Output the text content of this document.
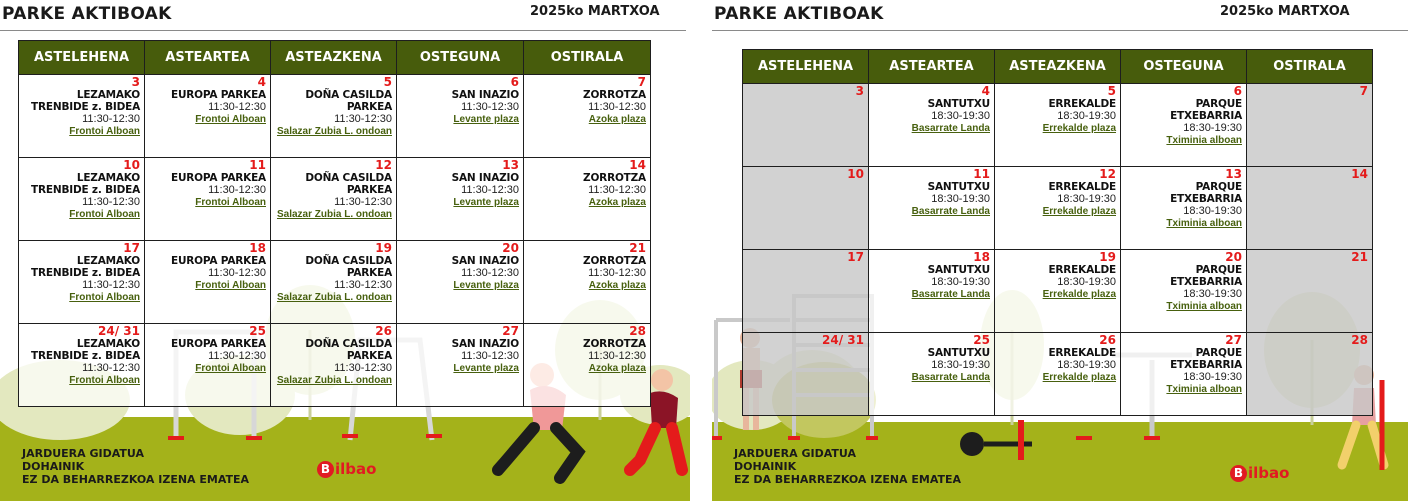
PARKE AKTIBOAK	2025ko MARTXOA
ASTELEHENA	ASTEARTEA	ASTEAZKENA	OSTEGUNA	OSTIRALA

3
LEZAMAKO TRENBIDE z. BIDEA
11:30-12:30
Frontoi Alboan	4
EUROPA PARKEA
11:30-12:30
Frontoi Alboan	5
DOÑA CASILDA PARKEA
11:30-12:30
Salazar Zubia L. ondoan	6
SAN INAZIO
11:30-12:30
Levante plaza	7
ZORROTZA
11:30-12:30
Azoka plaza

10
LEZAMAKO TRENBIDE z. BIDEA
11:30-12:30
Frontoi Alboan	11
EUROPA PARKEA
11:30-12:30
Frontoi Alboan	12
DOÑA CASILDA PARKEA
11:30-12:30
Salazar Zubia L. ondoan	13
SAN INAZIO
11:30-12:30
Levante plaza	14
ZORROTZA
11:30-12:30
Azoka plaza

17
LEZAMAKO TRENBIDE z. BIDEA
11:30-12:30
Frontoi Alboan	18
EUROPA PARKEA
11:30-12:30
Frontoi Alboan	19
DOÑA CASILDA PARKEA
11:30-12:30
Salazar Zubia L. ondoan	20
SAN INAZIO
11:30-12:30
Levante plaza	21
ZORROTZA
11:30-12:30
Azoka plaza

24/ 31
LEZAMAKO TRENBIDE z. BIDEA
11:30-12:30
Frontoi Alboan	25
EUROPA PARKEA
11:30-12:30
Frontoi Alboan	26
DOÑA CASILDA PARKEA
11:30-12:30
Salazar Zubia L. ondoan	27
SAN INAZIO
11:30-12:30
Levante plaza	28
ZORROTZA
11:30-12:30
Azoka plaza
JARDUERA GIDATUA
DOHAINIK
EZ DA BEHARREZKOA IZENA EMATEA
B ilbao
PARKE AKTIBOAK	2025ko MARTXOA
ASTELEHENA	ASTEARTEA	ASTEAZKENA	OSTEGUNA	OSTIRALA

3	4
SANTUTXU
18:30-19:30
Basarrate Landa	5
ERREKALDE
18:30-19:30
Errekalde plaza	6
PARQUE ETXEBARRIA
18:30-19:30
Tximinia alboan	7

10	11
SANTUTXU
18:30-19:30
Basarrate Landa	12
ERREKALDE
18:30-19:30
Errekalde plaza	13
PARQUE ETXEBARRIA
18:30-19:30
Tximinia alboan	14

17	18
SANTUTXU
18:30-19:30
Basarrate Landa	19
ERREKALDE
18:30-19:30
Errekalde plaza	20
PARQUE ETXEBARRIA
18:30-19:30
Tximinia alboan	21

24/ 31	25
SANTUTXU
18:30-19:30
Basarrate Landa	26
ERREKALDE
18:30-19:30
Errekalde plaza	27
PARQUE ETXEBARRIA
18:30-19:30
Tximinia alboan	28
JARDUERA GIDATUA
DOHAINIK
EZ DA BEHARREZKOA IZENA EMATEA	B ilbao
